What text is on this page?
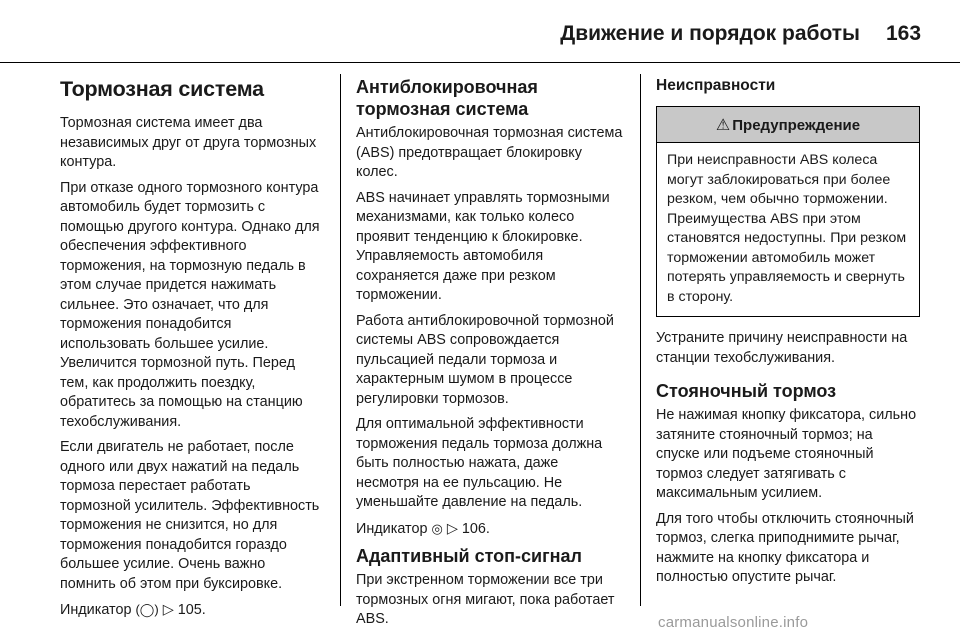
Движение и порядок работы 163
Тормозная система

Тормозная система имеет два независимых друг от друга тормозных контура.

При отказе одного тормозного контура автомобиль будет тормозить с помощью другого контура. Однако для обеспечения эффективного торможения, на тормозную педаль в этом случае придется нажимать сильнее. Это означает, что для торможения понадобится использовать большее усилие. Увеличится тормозной путь. Перед тем, как продолжить поездку, обратитесь за помощью на станцию техобслуживания.

Если двигатель не работает, после одного или двух нажатий на педаль тормоза перестает работать тормозной усилитель. Эффективность торможения не снизится, но для торможения понадобится гораздо большее усилие. Очень важно помнить об этом при буксировке.

Индикатор (◯) ▷ 105.

Антиблокировочная тормозная система

Антиблокировочная тормозная система (ABS) предотвращает блокировку колес.

ABS начинает управлять тормозными механизмами, как только колесо проявит тенденцию к блокировке. Управляемость автомобиля сохраняется даже при резком торможении.

Работа антиблокировочной тормозной системы ABS сопровождается пульсацией педали тормоза и характерным шумом в процессе регулировки тормозов.

Для оптимальной эффективности торможения педаль тормоза должна быть полностью нажата, даже несмотря на ее пульсацию. Не уменьшайте давление на педаль.

Индикатор ◎ ▷ 106.

Адаптивный стоп-сигнал

При экстренном торможении все три тормозных огня мигают, пока работает ABS.

Неисправности
⚠ Предупреждение
При неисправности ABS колеса могут заблокироваться при более резком, чем обычно торможении. Преимущества ABS при этом становятся недоступны. При резком торможении автомобиль может потерять управляемость и свернуть в сторону.

Устраните причину неисправности на станции техобслуживания.

Стояночный тормоз

Не нажимая кнопку фиксатора, сильно затяните стояночный тормоз; на спуске или подъеме стояночный тормоз следует затягивать с максимальным усилием.

Для того чтобы отключить стояночный тормоз, слегка приподнимите рычаг, нажмите на кнопку фиксатора и полностью опустите рычаг.

carmanualsonline.info
